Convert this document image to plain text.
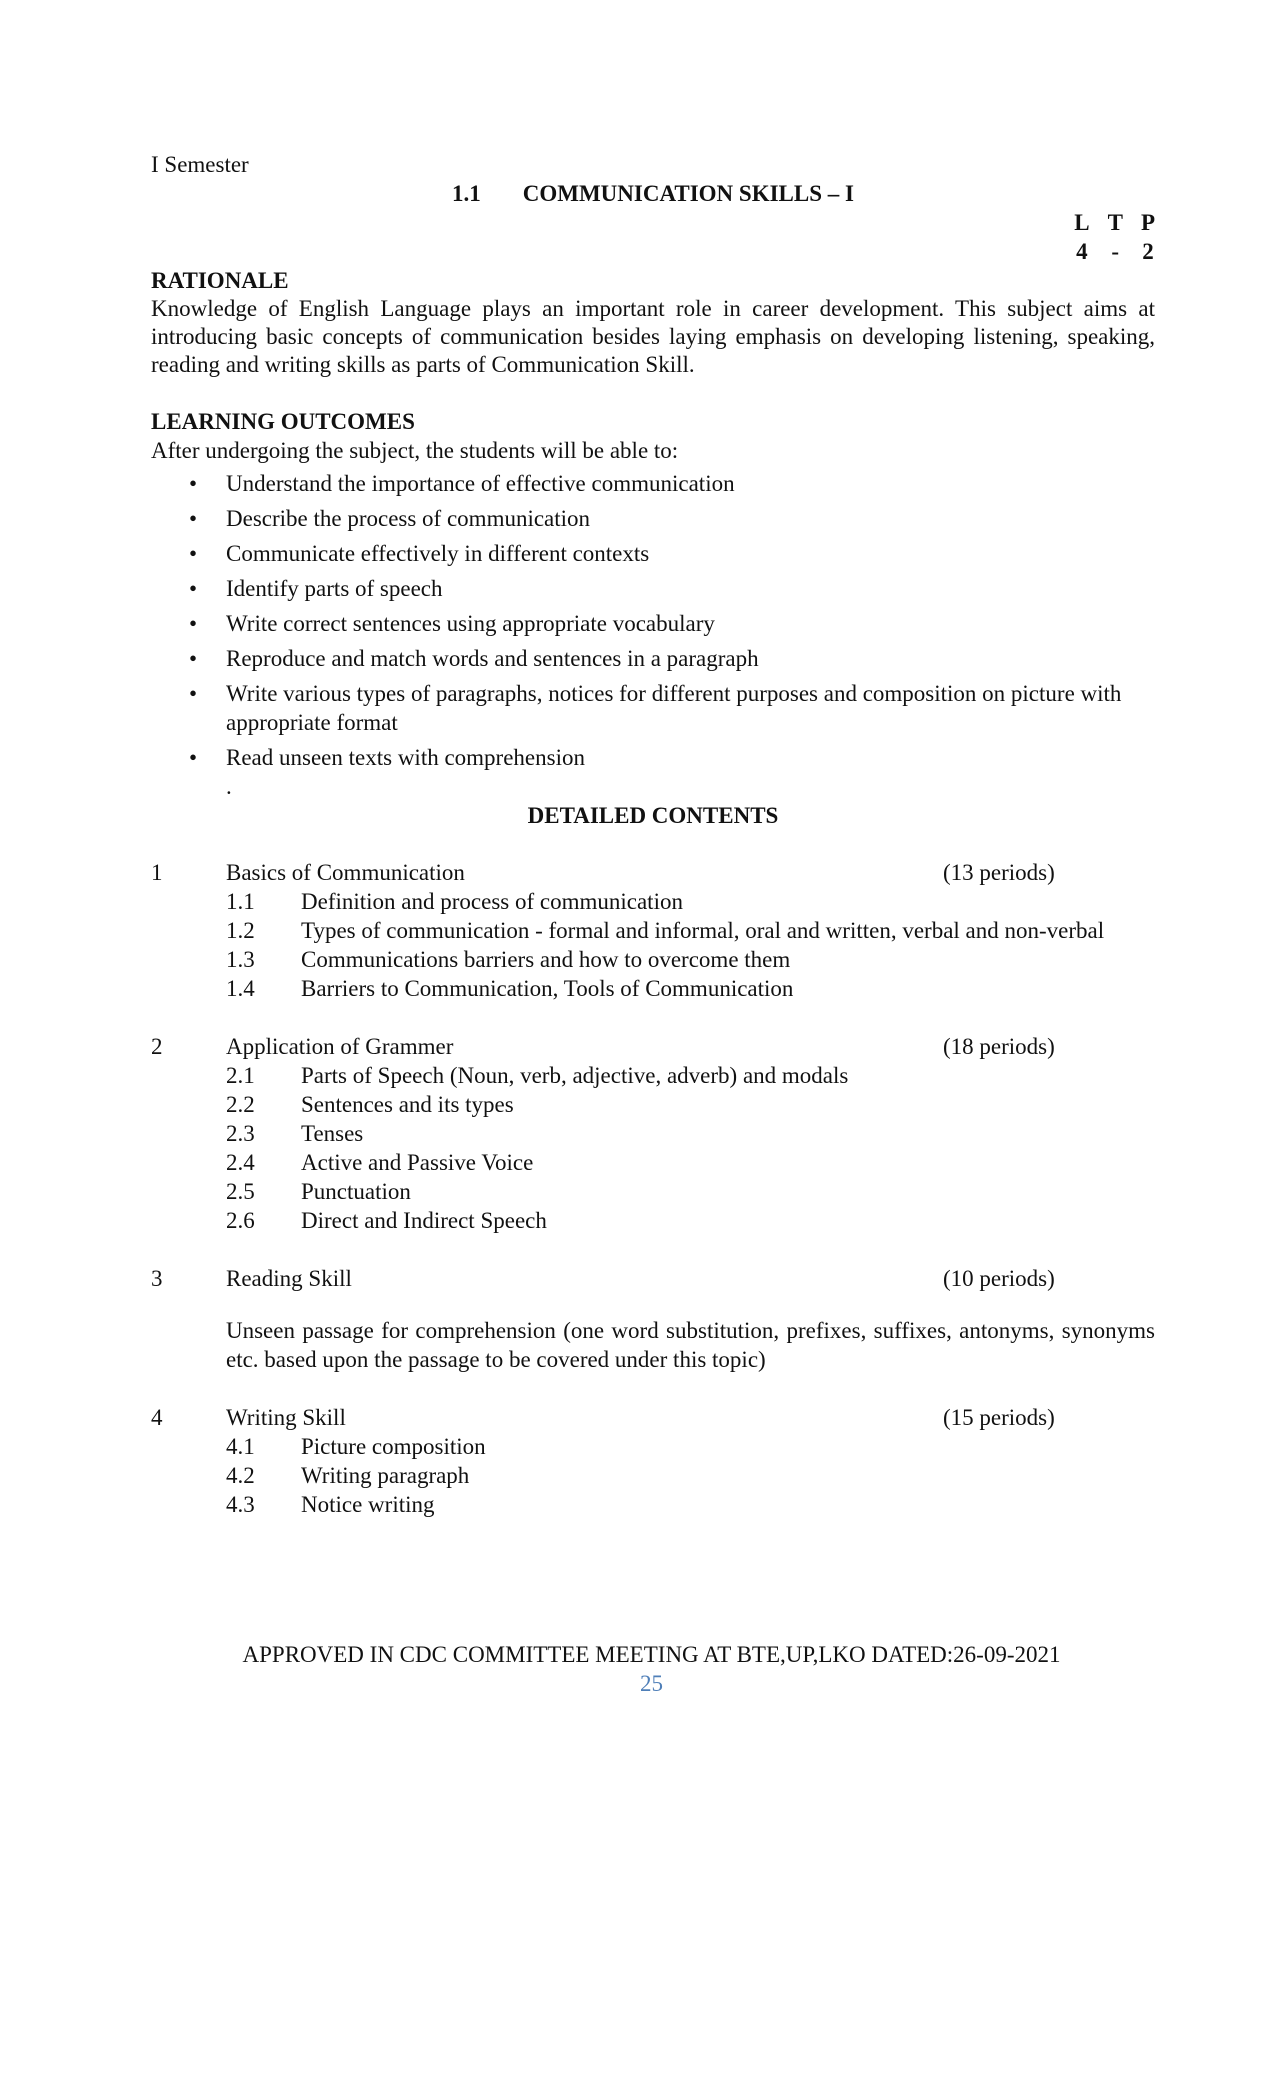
I Semester

1.1 COMMUNICATION SKILLS – I

L	T	P
4	-	2
RATIONALE

Knowledge of English Language plays an important role in career development. This subject aims at introducing basic concepts of communication besides laying emphasis on developing listening, speaking, reading and writing skills as parts of Communication Skill.

LEARNING OUTCOMES

After undergoing the subject, the students will be able to:

• Understand the importance of effective communication
• Describe the process of communication
• Communicate effectively in different contexts
• Identify parts of speech
• Write correct sentences using appropriate vocabulary
• Reproduce and match words and sentences in a paragraph
• Write various types of paragraphs, notices for different purposes and composition on picture with appropriate format
• Read unseen texts with comprehension

.

DETAILED CONTENTS

1	Basics of Communication	(13 periods)
1.1	Definition and process of communication
1.2	Types of communication - formal and informal, oral and written, verbal and non-verbal
1.3	Communications barriers and how to overcome them
1.4	Barriers to Communication, Tools of Communication
2	Application of Grammer	(18 periods)
2.1	Parts of Speech (Noun, verb, adjective, adverb) and modals
2.2	Sentences and its types
2.3	Tenses
2.4	Active and Passive Voice
2.5	Punctuation
2.6	Direct and Indirect Speech
3	Reading Skill	(10 periods)

Unseen passage for comprehension (one word substitution, prefixes, suffixes, antonyms, synonyms etc. based upon the passage to be covered under this topic)

4	Writing Skill	(15 periods)
4.1	Picture composition
4.2	Writing paragraph
4.3	Notice writing

APPROVED IN CDC COMMITTEE MEETING AT BTE,UP,LKO DATED:26-09-2021

25
